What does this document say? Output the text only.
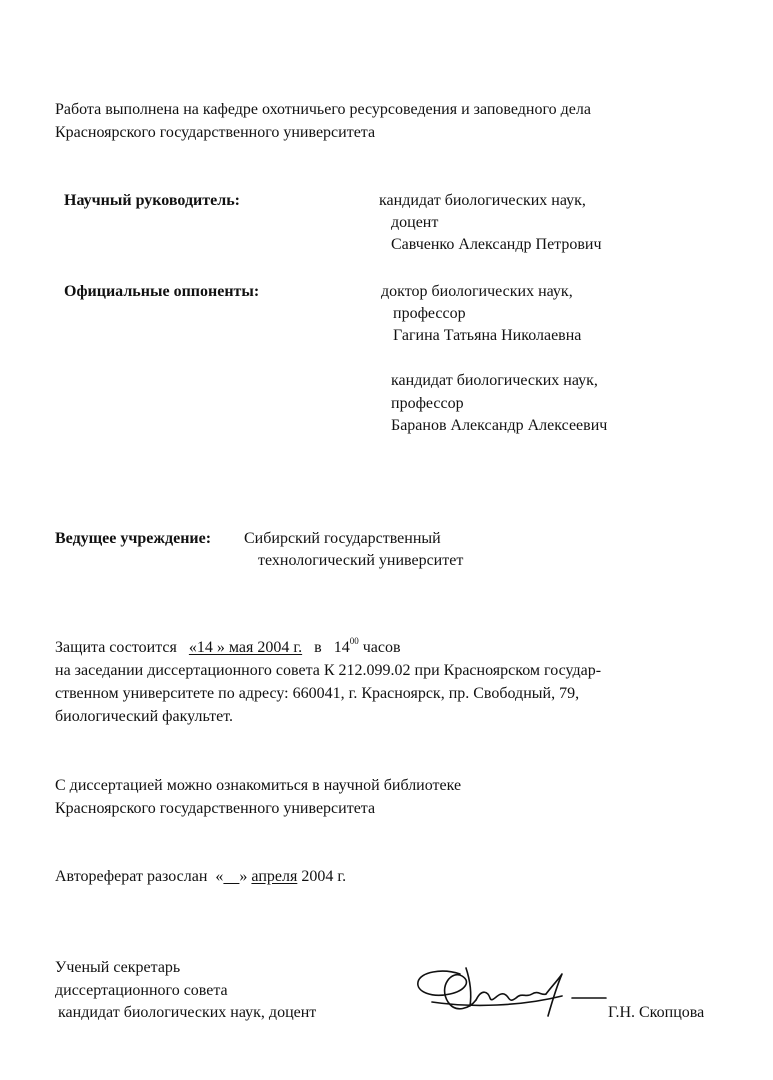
Работа выполнена на кафедре охотничьего ресурсоведения и заповедного дела
Красноярского государственного университета
Научный руководитель:	кандидат биологических наук,
доцент
Савченко Александр Петрович
Официальные оппоненты:	доктор биологических наук,
профессор
Гагина Татьяна Николаевна
кандидат биологических наук,
профессор
Баранов Александр Алексеевич
Ведущее учреждение: Сибирский государственный
технологический университет
Защита состоится «14 » мая 2004 г. в $14^{00}$ часов
на заседании диссертационного совета К 212.099.02 при Красноярском государ-
ственном университете по адресу: 660041, г. Красноярск, пр. Свободный, 79,
биологический факультет.
С диссертацией можно ознакомиться в научной библиотеке
Красноярского государственного университета
Автореферат разослан « » апреля 2004 г.
Ученый секретарь
диссертационного совета
кандидат биологических наук, доцент	Г.Н. Скопцова
